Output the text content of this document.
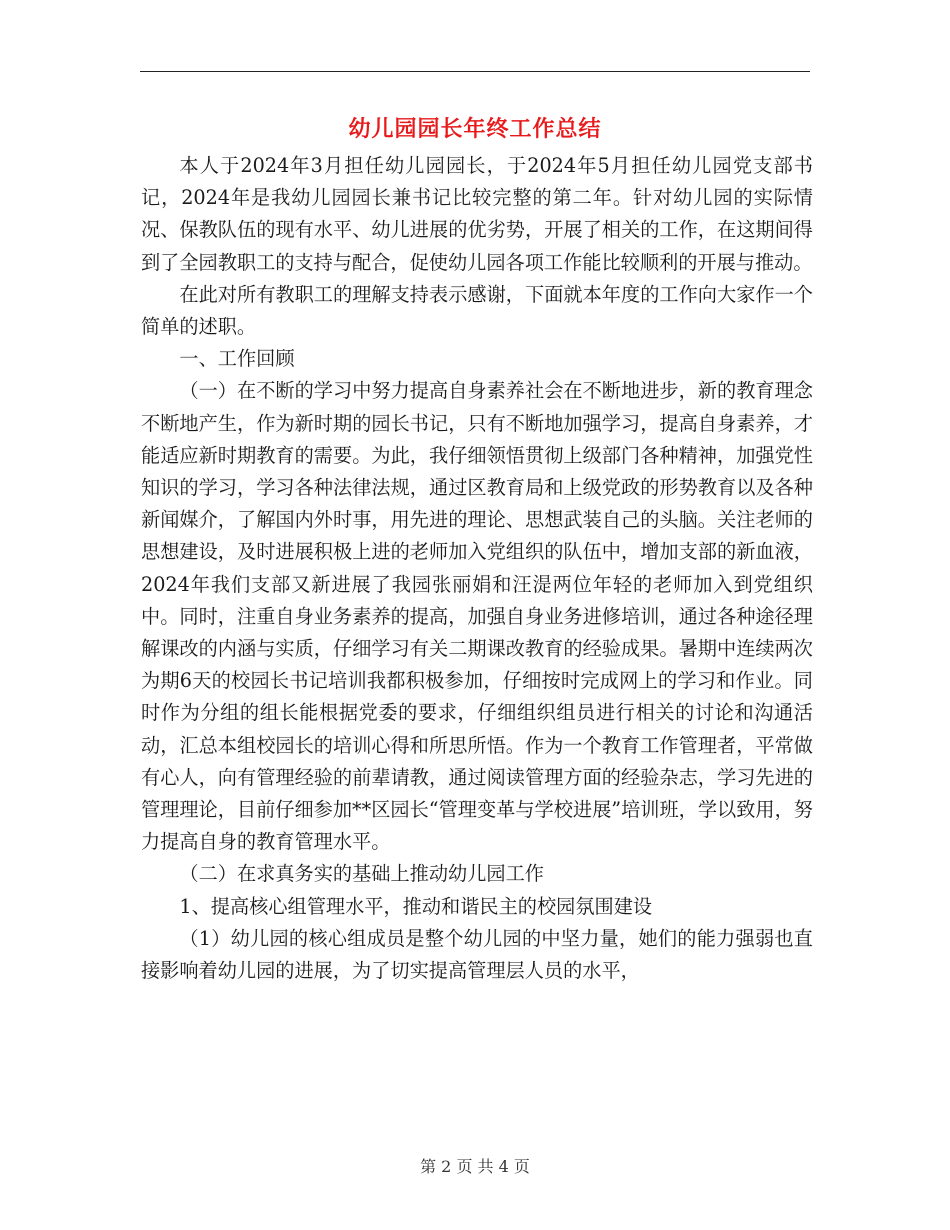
幼儿园园长年终工作总结

本人于2024年3月担任幼儿园园长，于2024年5月担任幼儿园党支部书记，2024年是我幼儿园园长兼书记比较完整的第二年。针对幼儿园的实际情况、保教队伍的现有水平、幼儿进展的优劣势，开展了相关的工作，在这期间得到了全园教职工的支持与配合，促使幼儿园各项工作能比较顺利的开展与推动。

在此对所有教职工的理解支持表示感谢，下面就本年度的工作向大家作一个简单的述职。

一、工作回顾

（一）在不断的学习中努力提高自身素养社会在不断地进步，新的教育理念不断地产生，作为新时期的园长书记，只有不断地加强学习，提高自身素养，才能适应新时期教育的需要。为此，我仔细领悟贯彻上级部门各种精神，加强党性知识的学习，学习各种法律法规，通过区教育局和上级党政的形势教育以及各种新闻媒介，了解国内外时事，用先进的理论、思想武装自己的头脑。关注老师的思想建设，及时进展积极上进的老师加入党组织的队伍中，增加支部的新血液，2024年我们支部又新进展了我园张丽娟和汪湜两位年轻的老师加入到党组织中。同时，注重自身业务素养的提高，加强自身业务进修培训，通过各种途径理解课改的内涵与实质，仔细学习有关二期课改教育的经验成果。暑期中连续两次为期6天的校园长书记培训我都积极参加，仔细按时完成网上的学习和作业。同时作为分组的组长能根据党委的要求，仔细组织组员进行相关的讨论和沟通活动，汇总本组校园长的培训心得和所思所悟。作为一个教育工作管理者，平常做有心人，向有管理经验的前辈请教，通过阅读管理方面的经验杂志，学习先进的管理理论，目前仔细参加**区园长“管理变革与学校进展”培训班，学以致用，努力提高自身的教育管理水平。

（二）在求真务实的基础上推动幼儿园工作

1、提高核心组管理水平，推动和谐民主的校园氛围建设

（1）幼儿园的核心组成员是整个幼儿园的中坚力量，她们的能力强弱也直接影响着幼儿园的进展，为了切实提高管理层人员的水平，

第 2 页 共 4 页
